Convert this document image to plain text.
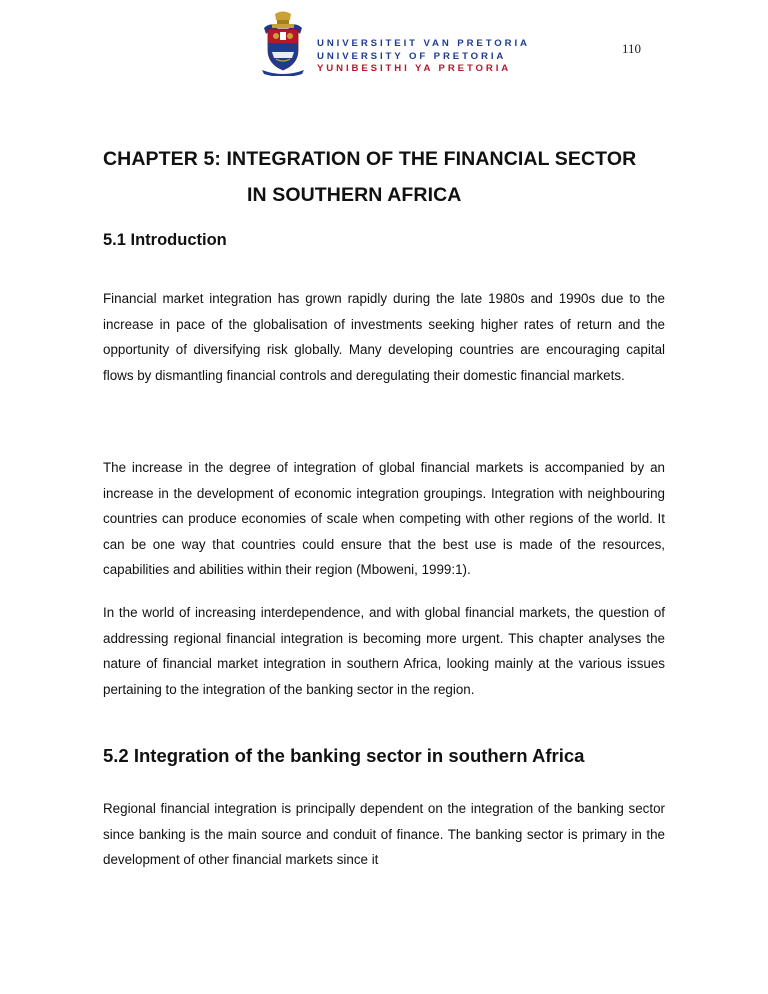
UNIVERSITEIT VAN PRETORIA
UNIVERSITY OF PRETORIA
YUNIBESITHI YA PRETORIA
110
CHAPTER 5: INTEGRATION OF THE FINANCIAL SECTOR
IN SOUTHERN AFRICA
5.1 Introduction

Financial market integration has grown rapidly during the late 1980s and 1990s due to the increase in pace of the globalisation of investments seeking higher rates of return and the opportunity of diversifying risk globally. Many developing countries are encouraging capital flows by dismantling financial controls and deregulating their domestic financial markets.

The increase in the degree of integration of global financial markets is accompanied by an increase in the development of economic integration groupings. Integration with neighbouring countries can produce economies of scale when competing with other regions of the world. It can be one way that countries could ensure that the best use is made of the resources, capabilities and abilities within their region (Mboweni, 1999:1).

In the world of increasing interdependence, and with global financial markets, the question of addressing regional financial integration is becoming more urgent. This chapter analyses the nature of financial market integration in southern Africa, looking mainly at the various issues pertaining to the integration of the banking sector in the region.

5.2 Integration of the banking sector in southern Africa

Regional financial integration is principally dependent on the integration of the banking sector since banking is the main source and conduit of finance. The banking sector is primary in the development of other financial markets since it
